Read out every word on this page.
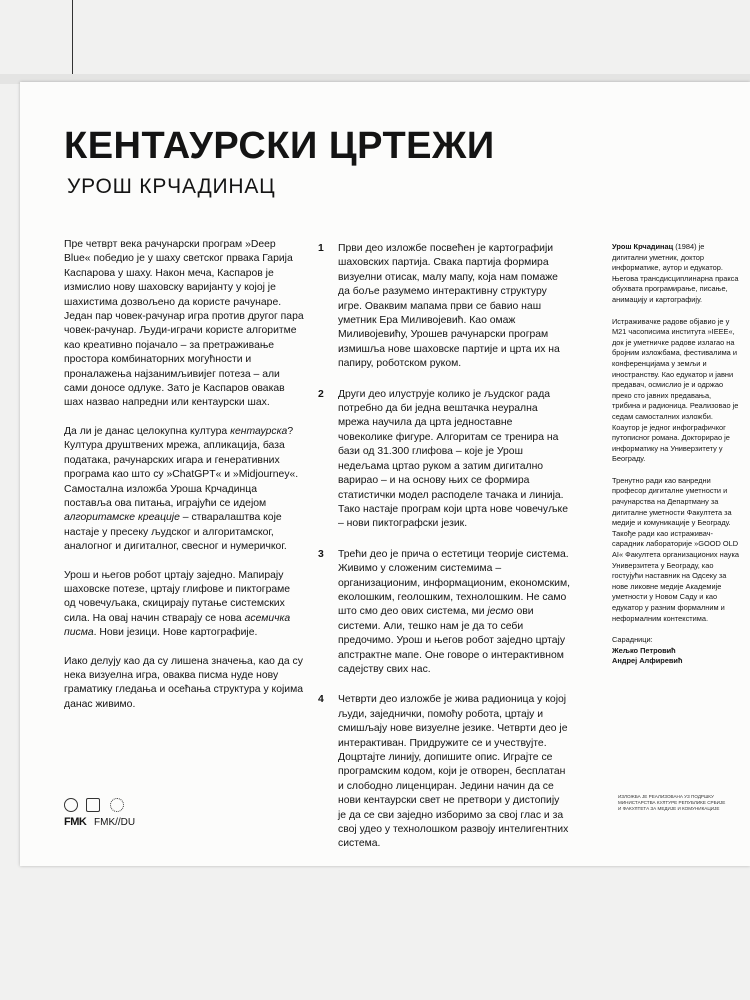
КЕНТАУРСКИ ЦРТЕЖИ
УРОШ КРЧАДИНАЦ

Пре четврт века рачунарски програм »Deep Blue« победио је у шаху светског првака Гарија Каспарова у шаху. Након меча, Каспаров је измислио нову шаховску варијанту у којој је шахистима дозвољено да користе рачунаре. Један пар човек-рачунар игра против другог пара човек-рачунар. Људи-играчи користе алгоритме као креативно појачало – за претраживање простора комбинаторних могућности и проналажења најзанимљивијег потеза – али сами доносе одлуке. Зато је Каспаров овакав шах назвао напредни или кентаурски шах.

Да ли је данас целокупна култура кентаурска? Култура друштвених мрежа, апликација, база података, рачунарских игара и генеративних програма као што су »ChatGPT« и »Midjourney«. Самостална изложба Уроша Крчадинца поставља ова питања, играјући се идејом алгоритамске креације – стваралаштва које настаје у пресеку људског и алгоритамског, аналогног и дигиталног, свесног и нумеричког.

Урош и његов робот цртају заједно. Мапирају шаховске потезе, цртају глифове и пиктограме од човечуљака, скицирају путање системских сила. На овај начин стварају се нова асемичка писма. Нови језици. Нове картографије.

Иако делују као да су лишена значења, као да су нека визуелна игра, оваква писма нуде нову граматику гледања и осећања структура у којима данас живимо.

1 Први део изложбе посвећен је картографији шаховских партија. Свака партија формира визуелни отисак, малу мапу, која нам помаже да боље разумемо интерактивну структуру игре. Оваквим мапама први се бавио наш уметник Ера Миливојевић. Као омаж Миливојевићу, Урошев рачунарски програм измишља нове шаховске партије и црта их на папиру, роботском руком.
2 Други део илуструје колико је људског рада потребно да би једна вештачка неурална мрежа научила да црта једноставне човеколике фигуре. Алгоритам се тренира на бази од 31.300 глифова – које је Урош недељама цртао руком а затим дигитално варирао – и на основу њих се формира статистички модел расподеле тачака и линија. Тако настаје програм који црта нове човечуљке – нови пиктографски језик.
3 Трећи део је прича о естетици теорије система. Живимо у сложеним системима – организационим, информационим, економским, еколошким, геолошким, технолошким. Не само што смо део ових система, ми јесмо ови системи. Али, тешко нам је да то себи предочимо. Урош и његов робот заједно цртају апстрактне мапе. Оне говоре о интерактивном садејству свих нас.
4 Четврти део изложбе је жива радионица у којој људи, заједнички, помоћу робота, цртају и смишљају нове визуелне језике. Четврти део је интерактиван. Придружите се и учествујте. Доцртајте линију, допишите опис. Играјте се програмским кодом, који је отворен, бесплатан и слободно лиценциран. Једини начин да се нови кентаурски свет не претвори у дистопију је да се сви заједно изборимо за свој глас и за свој удео у технолошком развоју интелигентних система.

Урош Крчадинац (1984) је дигитални уметник, доктор информатике, аутор и едукатор. Његова трансдисциплинарна пракса обухвата програмирање, писање, анимацију и картографију.

Истраживачке радове објавио је у M21 часописима института »IEEE«, док је уметничке радове излагао на бројним изложбама, фестивалима и конференцијама у земљи и иностранству. Као едукатор и јавни предавач, осмислио је и одржао преко сто јавних предавања, трибина и радионица. Реализовао је седам самосталних изложби. Коаутор је једног инфографичког путописног романа. Докторирао је информатику на Универзитету у Београду.

Тренутно ради као ванредни професор дигиталне уметности и рачунарства на Департману за дигиталне уметности Факултета за медије и комуникације у Београду. Такође ради као истраживач-сарадник лабораторије »GOOD OLD AI« Факултета организационих наука Универзитета у Београду, као гостујући наставник на Одсеку за нове ликовне медије Академије уметности у Новом Саду и као едукатор у разним формалним и неформалним контекстима.

Сарадници:
Жељко Петровић
Андреј Алфиревић
FMK FMK//DU
ИЗЛОЖБА ЈЕ РЕАЛИЗОВАНА УЗ ПОДРШКУ МИНИСТАРСТВА КУЛТУРЕ РЕПУБЛИКЕ СРБИЈЕ И ФАКУЛТЕТА ЗА МЕДИЈЕ И КОМУНИКАЦИЈЕ
